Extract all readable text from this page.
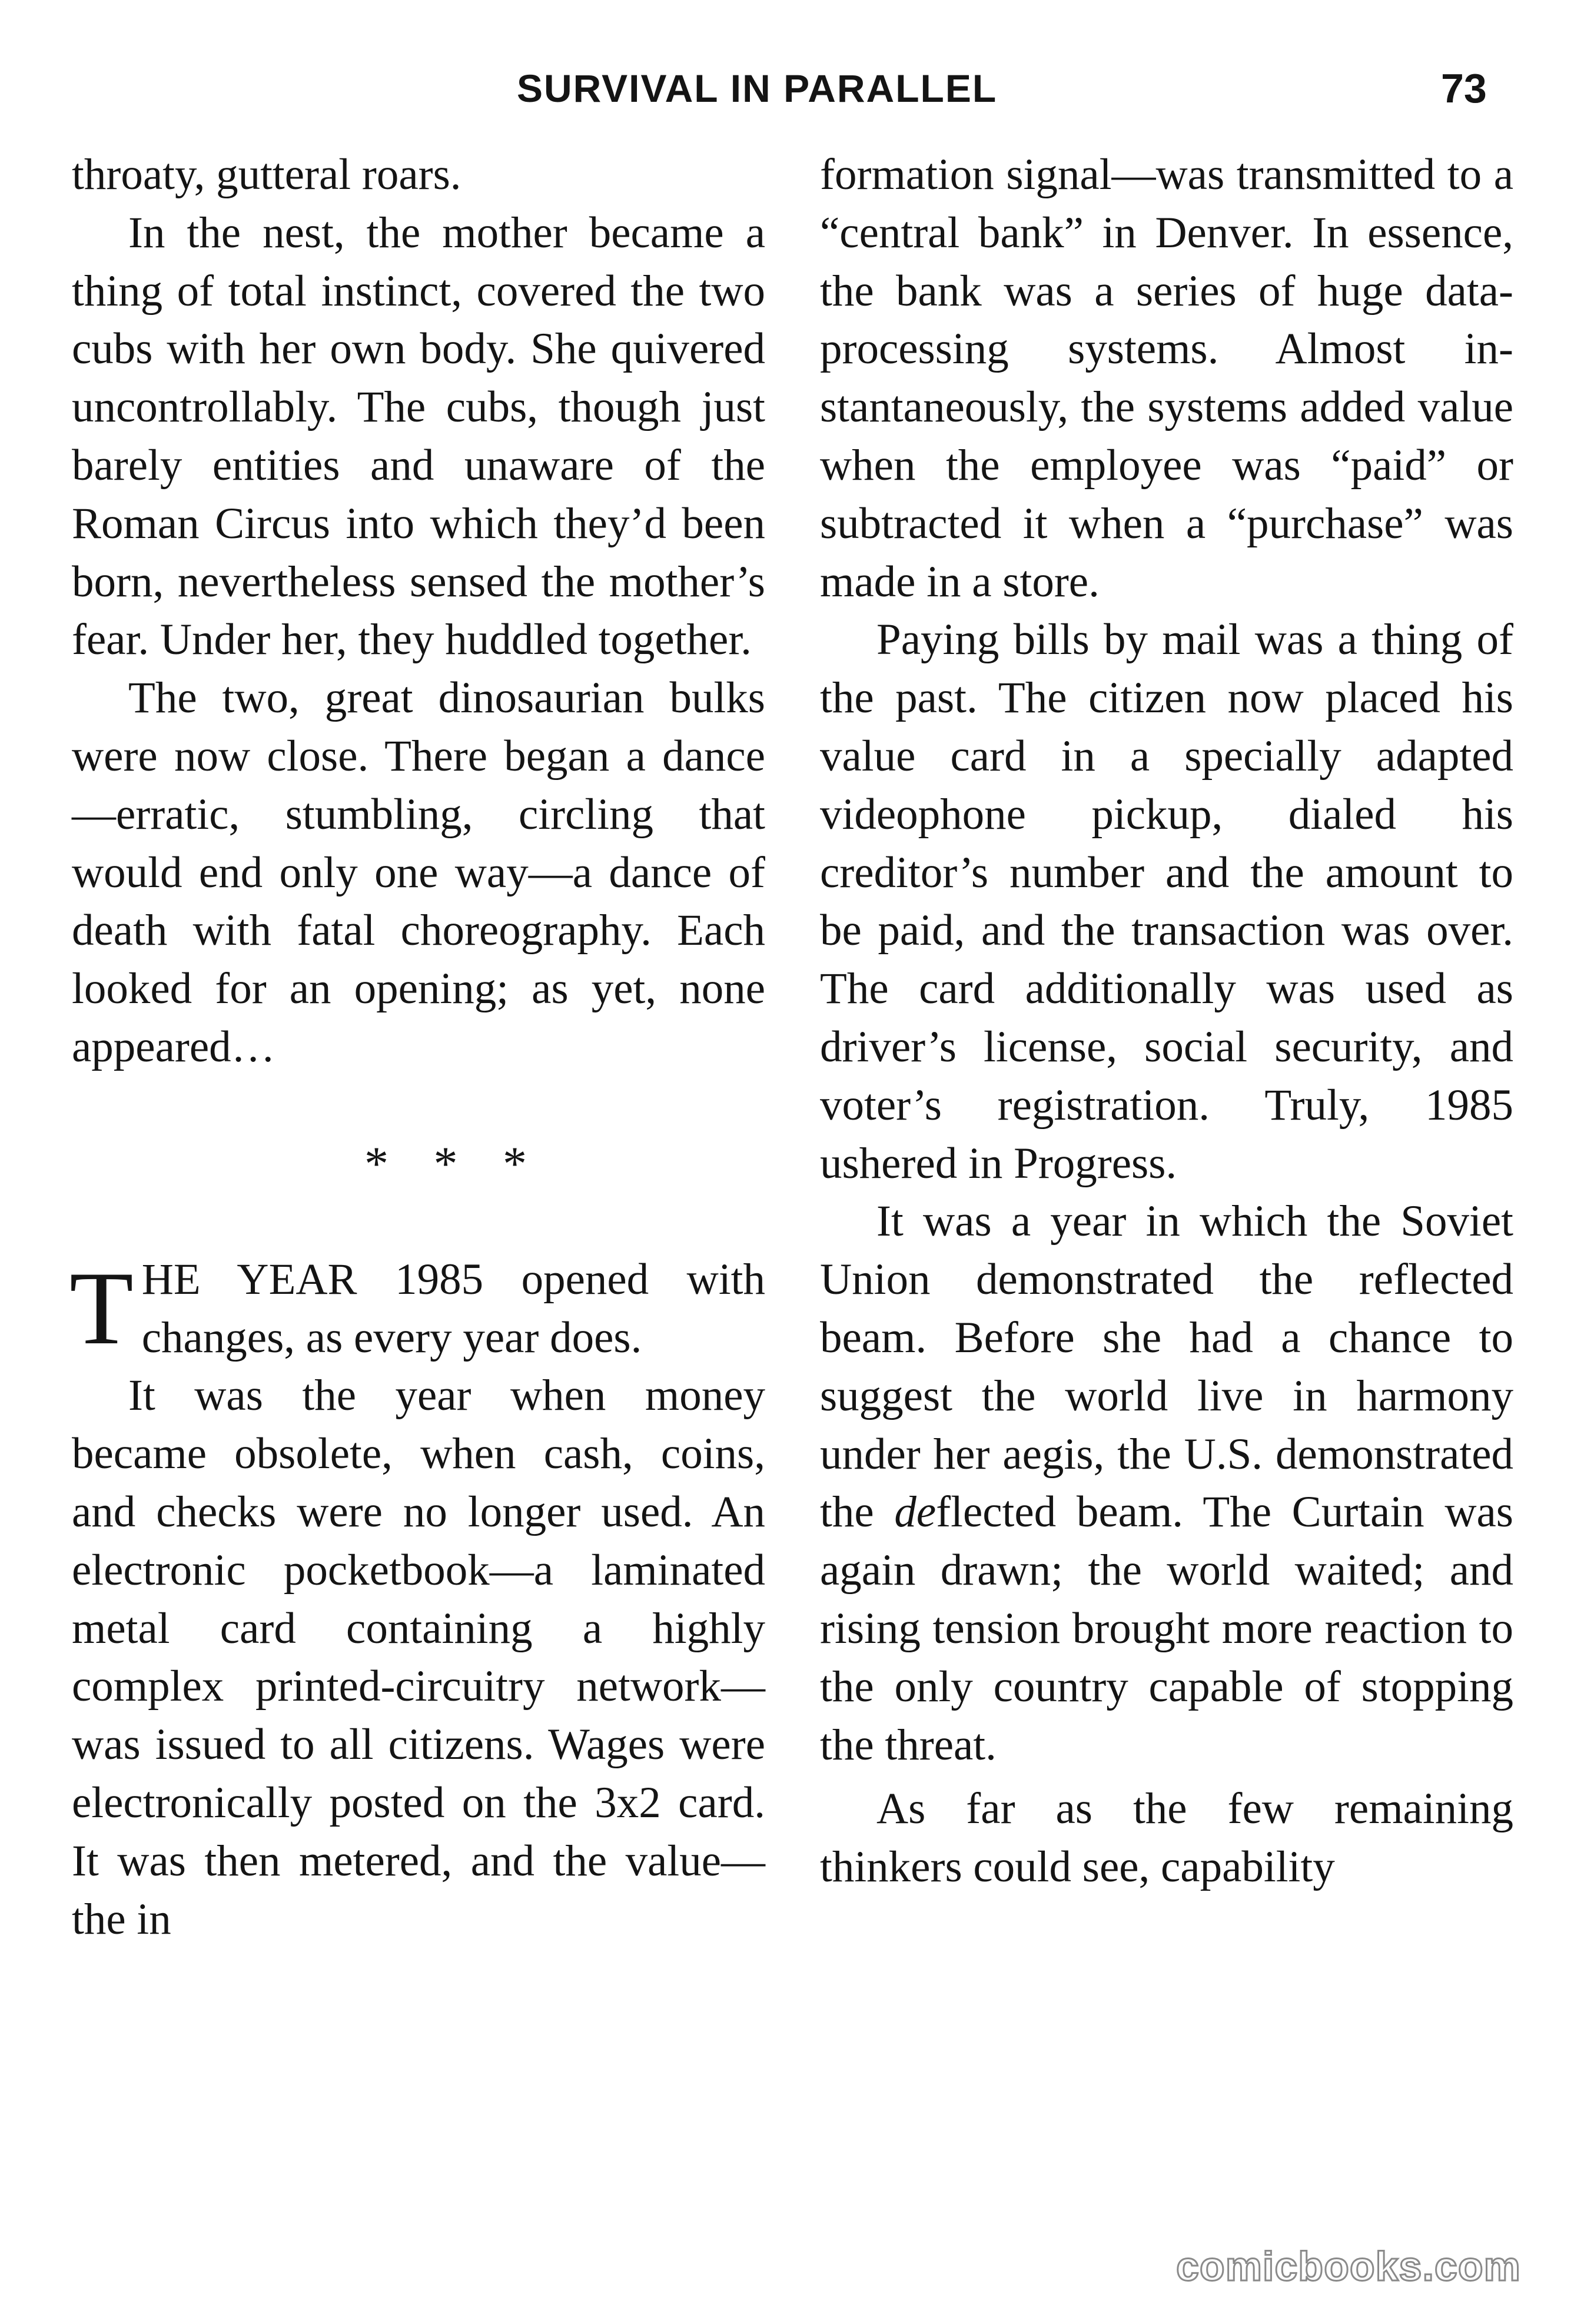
SURVIVAL IN PARALLEL	73

throaty, gutteral roars.

In the nest, the mother became a thing of total instinct, covered the two cubs with her own body. She quivered uncontrollably. The cubs, though just barely entities and unaware of the Roman Circus into which they’d been born, nevertheless sensed the mother’s fear. Under her, they huddled together.

The two, great dinosaurian bulks were now close. There began a dance—erratic, stumbling, circling that would end only one way—a dance of death with fatal choreography. Each looked for an opening; as yet, none appeared…

* * *

THE YEAR 1985 opened with changes, as every year does.

It was the year when money became obsolete, when cash, coins, and checks were no longer used. An electronic pocketbook—a laminated metal card containing a highly complex printed-circuitry network—was issued to all citizens. Wages were electronically posted on the 3x2 card. It was then metered, and the value—the in

formation signal—was transmitted to a “central bank” in Denver. In essence, the bank was a series of huge data-processing systems. Almost instantaneously, the systems added value when the employee was “paid” or subtracted it when a “purchase” was made in a store.

Paying bills by mail was a thing of the past. The citizen now placed his value card in a specially adapted videophone pickup, dialed his creditor’s number and the amount to be paid, and the transaction was over. The card additionally was used as driver’s license, social security, and voter’s registration. Truly, 1985 ushered in Progress.

It was a year in which the Soviet Union demonstrated the reflected beam. Before she had a chance to suggest the world live in harmony under her aegis, the U.S. demonstrated the deflected beam. The Curtain was again drawn; the world waited; and rising tension brought more reaction to the only country capable of stopping the threat.

As far as the few remaining thinkers could see, capability

comicbooks.com
